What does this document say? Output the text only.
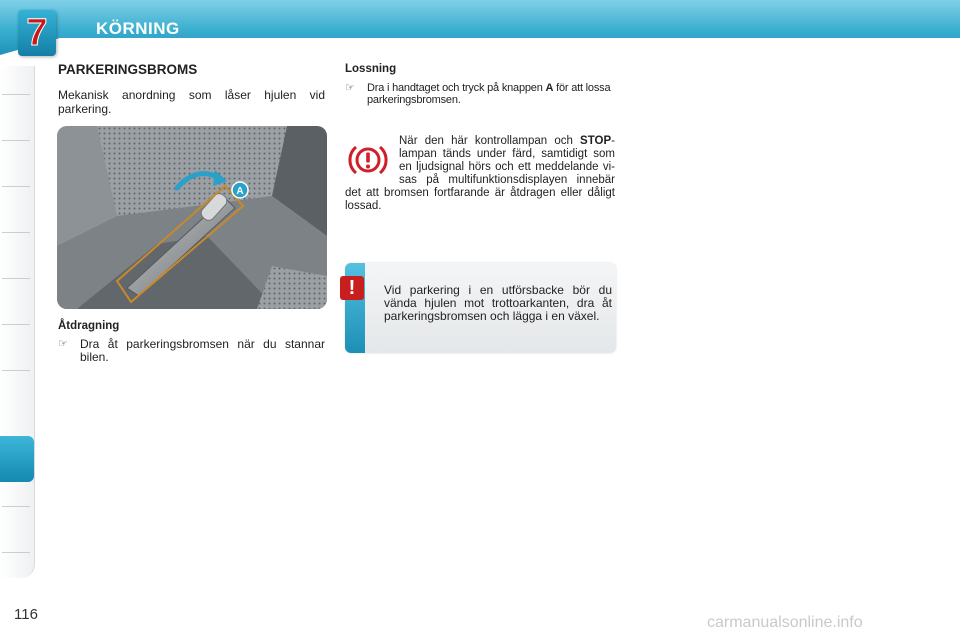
7	KÖRNING
PARKERINGSBROMS
Mekanisk anordning som låser hjulen vid parkering.
A
Åtdragning
☞	Dra åt parkeringsbromsen när du stannar bilen.
Lossning
☞	Dra i handtaget och tryck på knappen A för att lossa parkeringsbromsen.
När den här kontrollampan och STOP-lampan tänds under färd, samtidigt som en ljudsignal hörs och ett meddelande visas på multifunktionsdisplayen innebär det att bromsen fortfarande är åtdragen eller dåligt lossad.
! Vid parkering i en utförsbacke bör du vända hjulen mot trottoarkanten, dra åt parkeringsbromsen och lägga i en växel.
116	carmanualsonline.info
